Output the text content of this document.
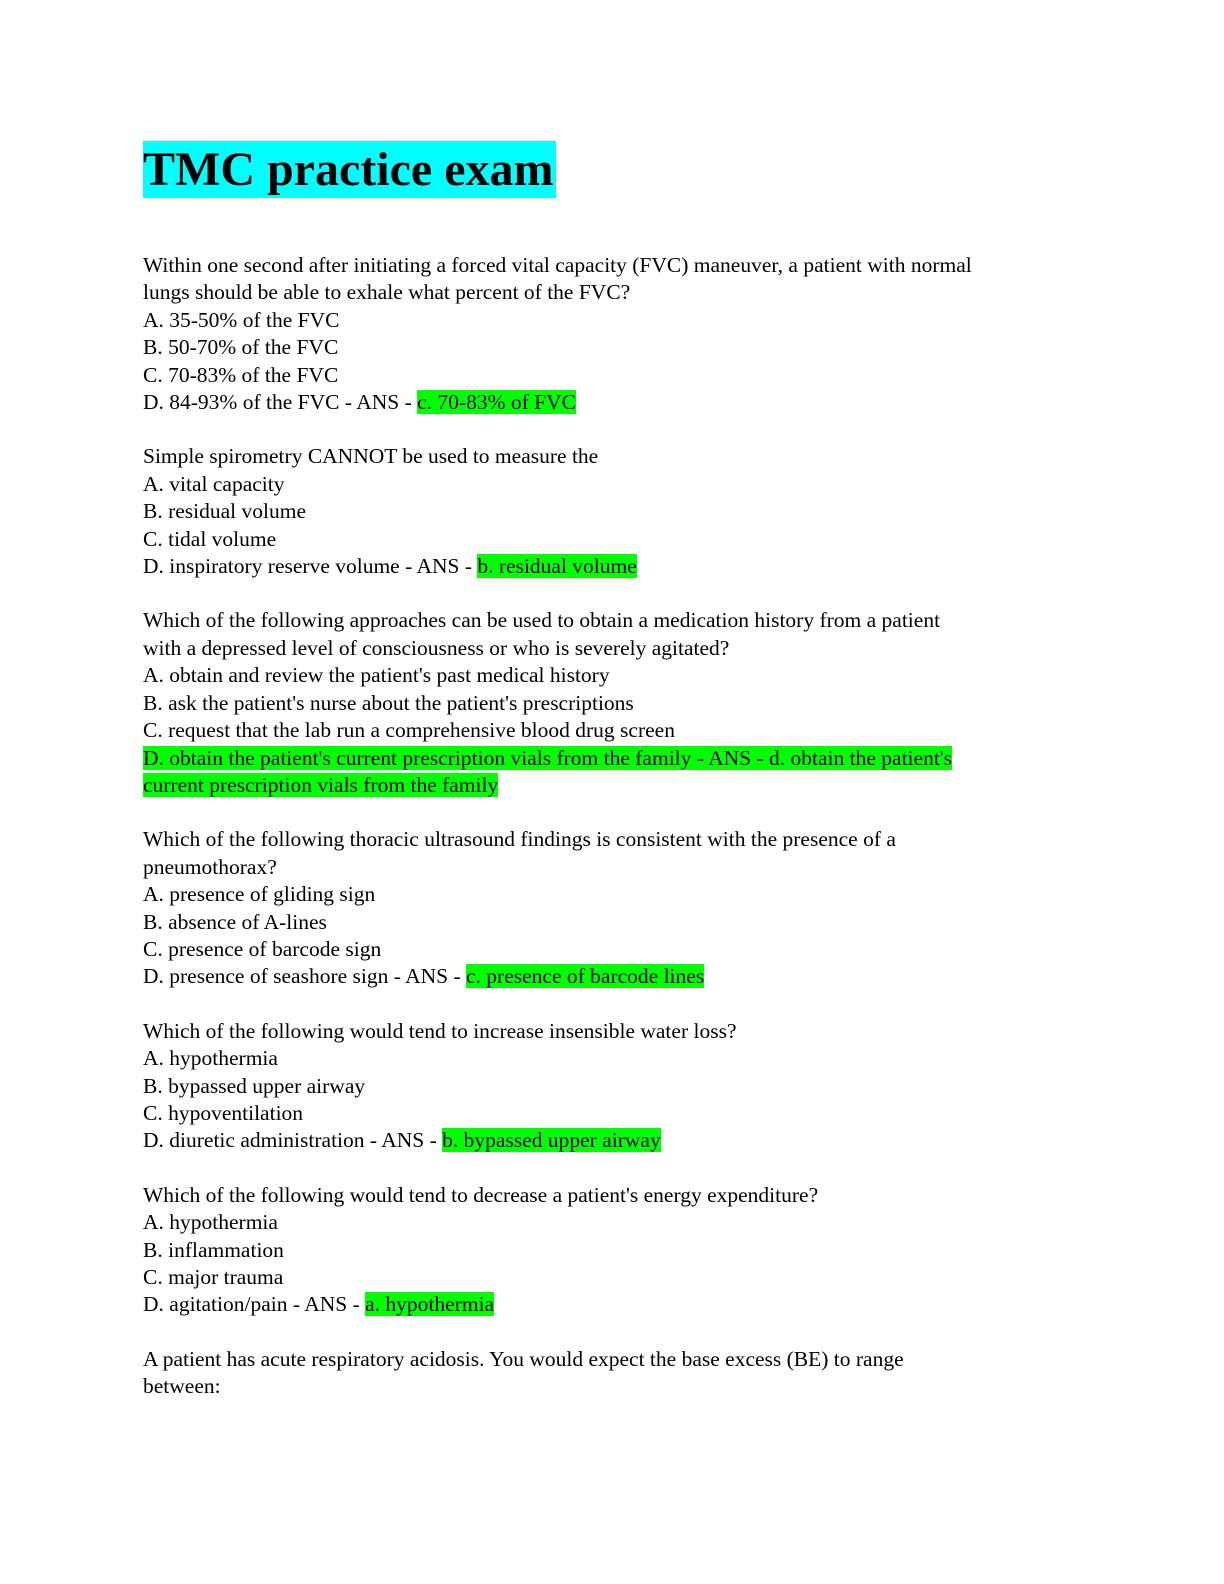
TMC practice exam
Within one second after initiating a forced vital capacity (FVC) maneuver, a patient with normal
lungs should be able to exhale what percent of the FVC?
A. 35-50% of the FVC
B. 50-70% of the FVC
C. 70-83% of the FVC
D. 84-93% of the FVC - ANS - c. 70-83% of FVC
Simple spirometry CANNOT be used to measure the
A. vital capacity
B. residual volume
C. tidal volume
D. inspiratory reserve volume - ANS - b. residual volume
Which of the following approaches can be used to obtain a medication history from a patient
with a depressed level of consciousness or who is severely agitated?
A. obtain and review the patient's past medical history
B. ask the patient's nurse about the patient's prescriptions
C. request that the lab run a comprehensive blood drug screen
D. obtain the patient's current prescription vials from the family - ANS - d. obtain the patient's
current prescription vials from the family
Which of the following thoracic ultrasound findings is consistent with the presence of a
pneumothorax?
A. presence of gliding sign
B. absence of A-lines
C. presence of barcode sign
D. presence of seashore sign - ANS - c. presence of barcode lines
Which of the following would tend to increase insensible water loss?
A. hypothermia
B. bypassed upper airway
C. hypoventilation
D. diuretic administration - ANS - b. bypassed upper airway
Which of the following would tend to decrease a patient's energy expenditure?
A. hypothermia
B. inflammation
C. major trauma
D. agitation/pain - ANS - a. hypothermia
A patient has acute respiratory acidosis. You would expect the base excess (BE) to range
between:
